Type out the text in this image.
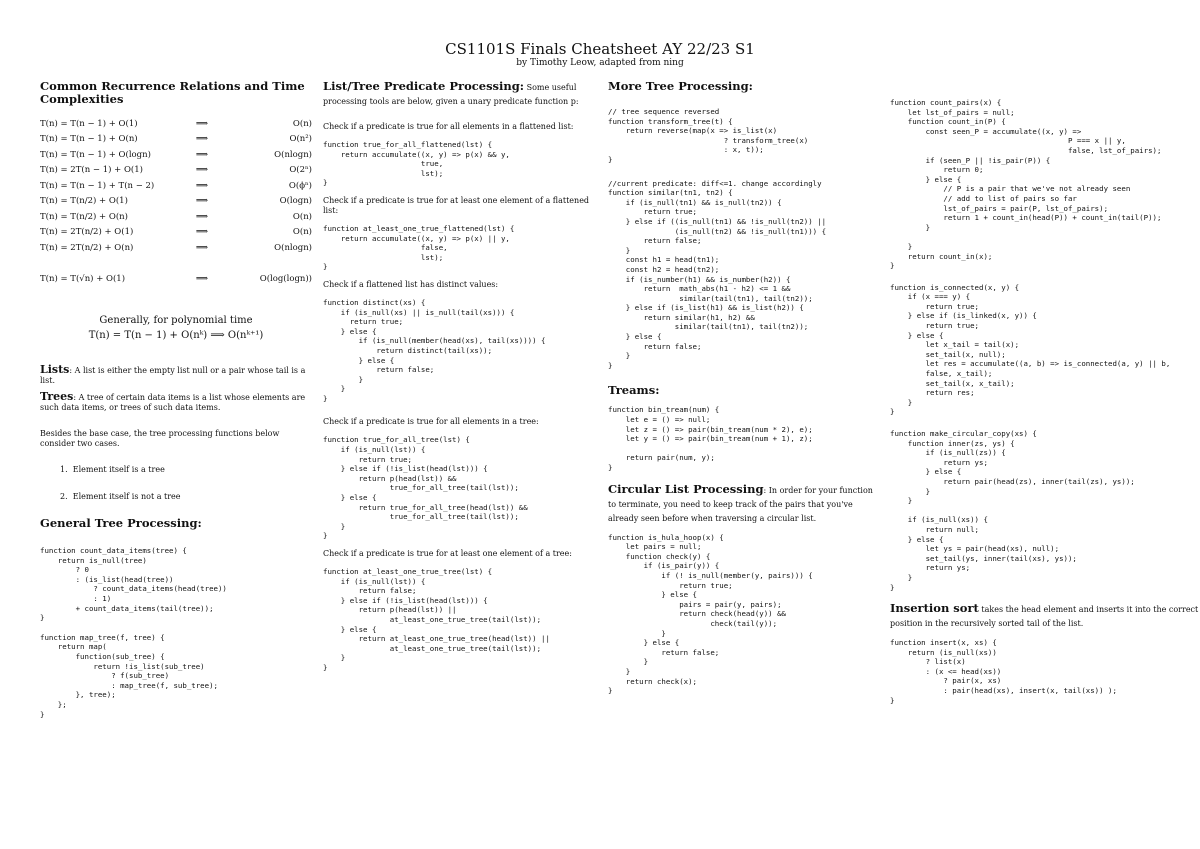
CS1101S Finals Cheatsheet AY 22/23 S1
by Timothy Leow, adapted from ning
Common Recurrence Relations and Time Complexities
T(n) = T(n − 1) + O(1)	⟹	O(n)
T(n) = T(n − 1) + O(n)	⟹	O(n²)
T(n) = T(n − 1) + O(logn)	⟹	O(nlogn)
T(n) = 2T(n − 1) + O(1)	⟹	O(2ⁿ)
T(n) = T(n − 1) + T(n − 2)	⟹	O(ϕⁿ)
T(n) = T(n/2) + O(1)	⟹	O(logn)
T(n) = T(n/2) + O(n)	⟹	O(n)
T(n) = 2T(n/2) + O(1)	⟹	O(n)
T(n) = 2T(n/2) + O(n)	⟹	O(nlogn)
T(n) = T(√n) + O(1)	⟹	O(log(logn))
Generally, for polynomial time
T(n) = T(n − 1) + O(nᵏ) ⟹ O(nᵏ⁺¹)

Lists: A list is either the empty list null or a pair whose tail is a list.

Trees: A tree of certain data items is a list whose elements are such data items, or trees of such data items.

Besides the base case, the tree processing functions below consider two cases.

1. Element itself is a tree
2. Element itself is not a tree
General Tree Processing:
function count_data_items(tree) {
return is_null(tree)
? 0
: (is_list(head(tree))
? count_data_items(head(tree))
: 1)
+ count_data_items(tail(tree));
}
function map_tree(f, tree) {
return map(
function(sub_tree) {
return !is_list(sub_tree)
? f(sub_tree)
: map_tree(f, sub_tree);
}, tree);
};
}
List/Tree Predicate Processing: Some useful processing tools are below, given a unary predicate function p:

Check if a predicate is true for all elements in a flattened list:

function true_for_all_flattened(lst) {
return accumulate((x, y) => p(x) && y,
true,
lst);
}

Check if a predicate is true for at least one element of a flattened list:

function at_least_one_true_flattened(lst) {
return accumulate((x, y) => p(x) || y,
false,
lst);
}

Check if a flattened list has distinct values:

function distinct(xs) {
if (is_null(xs) || is_null(tail(xs))) {
return true;
} else {
if (is_null(member(head(xs), tail(xs)))) {
return distinct(tail(xs));
} else {
return false;
}
}
}

Check if a predicate is true for all elements in a tree:

function true_for_all_tree(lst) {
if (is_null(lst)) {
return true;
} else if (!is_list(head(lst))) {
return p(head(lst)) &&
true_for_all_tree(tail(lst));
} else {
return true_for_all_tree(head(lst)) &&
true_for_all_tree(tail(lst));
}
}

Check if a predicate is true for at least one element of a tree:

function at_least_one_true_tree(lst) {
if (is_null(lst)) {
return false;
} else if (!is_list(head(lst))) {
return p(head(lst)) ||
at_least_one_true_tree(tail(lst));
} else {
return at_least_one_true_tree(head(lst)) ||
at_least_one_true_tree(tail(lst));
}
}
More Tree Processing:
// tree sequence reversed
function transform_tree(t) {
return reverse(map(x => is_list(x)
? transform_tree(x)
: x, t));
}
//current predicate: diff<=1. change accordingly
function similar(tn1, tn2) {
if (is_null(tn1) && is_null(tn2)) {
return true;
} else if ((is_null(tn1) && !is_null(tn2)) ||
(is_null(tn2) && !is_null(tn1))) {
return false;
}
const h1 = head(tn1);
const h2 = head(tn2);
if (is_number(h1) && is_number(h2)) {
return  math_abs(h1 - h2) <= 1 &&
similar(tail(tn1), tail(tn2));
} else if (is_list(h1) && is_list(h2)) {
return similar(h1, h2) &&
similar(tail(tn1), tail(tn2));
} else {
return false;
}
}
Treams:
function bin_tream(num) {
let e = () => null;
let z = () => pair(bin_tream(num * 2), e);
let y = () => pair(bin_tream(num + 1), z);

return pair(num, y);
}
Circular List Processing: In order for your function to terminate, you need to keep track of the pairs that you've already seen before when traversing a circular list.
function is_hula_hoop(x) {
let pairs = null;
function check(y) {
if (is_pair(y)) {
if (! is_null(member(y, pairs))) {
return true;
} else {
pairs = pair(y, pairs);
return check(head(y)) &&
check(tail(y));
}
} else {
return false;
}
}
return check(x);
}
function count_pairs(x) {
let lst_of_pairs = null;
function count_in(P) {
const seen_P = accumulate((x, y) =>
P === x || y,
false, lst_of_pairs);
if (seen_P || !is_pair(P)) {
return 0;
} else {
// P is a pair that we've not already seen
// add to list of pairs so far
lst_of_pairs = pair(P, lst_of_pairs);
return 1 + count_in(head(P)) + count_in(tail(P));
}

}
return count_in(x);
}
function is_connected(x, y) {
if (x === y) {
return true;
} else if (is_linked(x, y)) {
return true;
} else {
let x_tail = tail(x);
set_tail(x, null);
let res = accumulate((a, b) => is_connected(a, y) || b,
false, x_tail);
set_tail(x, x_tail);
return res;
}
}
function make_circular_copy(xs) {
function inner(zs, ys) {
if (is_null(zs)) {
return ys;
} else {
return pair(head(zs), inner(tail(zs), ys));
}
}

if (is_null(xs)) {
return null;
} else {
let ys = pair(head(xs), null);
set_tail(ys, inner(tail(xs), ys));
return ys;
}
}
Insertion sort takes the head element and inserts it into the correct position in the recursively sorted tail of the list.
function insert(x, xs) {
return (is_null(xs))
? list(x)
: (x <= head(xs))
? pair(x, xs)
: pair(head(xs), insert(x, tail(xs)) );
}
